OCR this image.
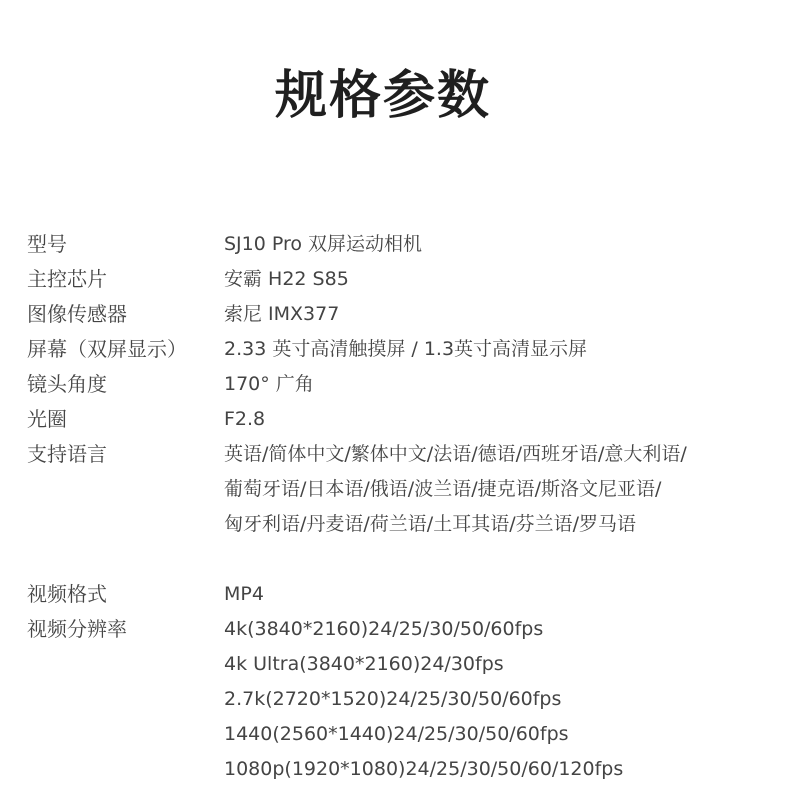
规格参数
型号	SJ10 Pro 双屏运动相机
主控芯片	安霸 H22 S85
图像传感器	索尼 IMX377
屏幕（双屏显示）	2.33 英寸高清触摸屏 / 1.3英寸高清显示屏
镜头角度	170° 广角
光圈	F2.8
支持语言	英语/简体中文/繁体中文/法语/德语/西班牙语/意大利语/
葡萄牙语/日本语/俄语/波兰语/捷克语/斯洛文尼亚语/
匈牙利语/丹麦语/荷兰语/土耳其语/芬兰语/罗马语
视频格式	MP4
视频分辨率	4k(3840*2160)24/25/30/50/60fps
4k Ultra(3840*2160)24/30fps
2.7k(2720*1520)24/25/30/50/60fps
1440(2560*1440)24/25/30/50/60fps
1080p(1920*1080)24/25/30/50/60/120fps
